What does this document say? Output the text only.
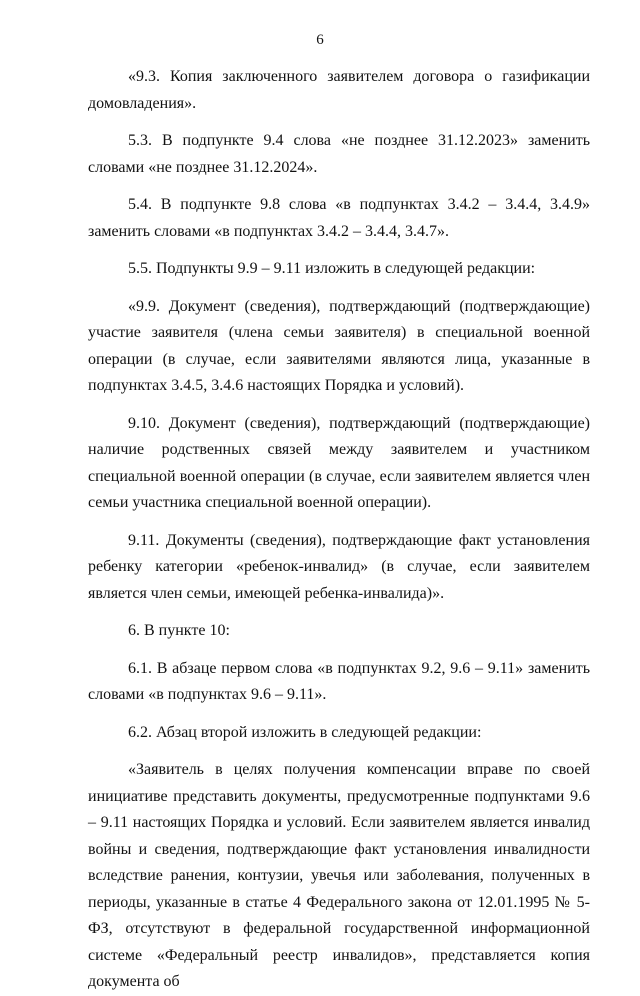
6

«9.3. Копия заключенного заявителем договора о газификации домовладения».

5.3. В подпункте 9.4 слова «не позднее 31.12.2023» заменить словами «не позднее 31.12.2024».

5.4. В подпункте 9.8 слова «в подпунктах 3.4.2 – 3.4.4, 3.4.9» заменить словами «в подпунктах 3.4.2 – 3.4.4, 3.4.7».

5.5. Подпункты 9.9 – 9.11 изложить в следующей редакции:

«9.9. Документ (сведения), подтверждающий (подтверждающие) участие заявителя (члена семьи заявителя) в специальной военной операции (в случае, если заявителями являются лица, указанные в подпунктах 3.4.5, 3.4.6 настоящих Порядка и условий).

9.10. Документ (сведения), подтверждающий (подтверждающие) наличие родственных связей между заявителем и участником специальной военной операции (в случае, если заявителем является член семьи участника специальной военной операции).

9.11. Документы (сведения), подтверждающие факт установления ребенку категории «ребенок-инвалид» (в случае, если заявителем является член семьи, имеющей ребенка-инвалида)».

6. В пункте 10:

6.1. В абзаце первом слова «в подпунктах 9.2, 9.6 – 9.11» заменить словами «в подпунктах 9.6 – 9.11».

6.2. Абзац второй изложить в следующей редакции:

«Заявитель в целях получения компенсации вправе по своей инициативе представить документы, предусмотренные подпунктами 9.6 – 9.11 настоящих Порядка и условий. Если заявителем является инвалид войны и сведения, подтверждающие факт установления инвалидности вследствие ранения, контузии, увечья или заболевания, полученных в периоды, указанные в статье 4 Федерального закона от 12.01.1995 № 5-ФЗ, отсутствуют в федеральной государственной информационной системе «Федеральный реестр инвалидов», представляется копия документа об
